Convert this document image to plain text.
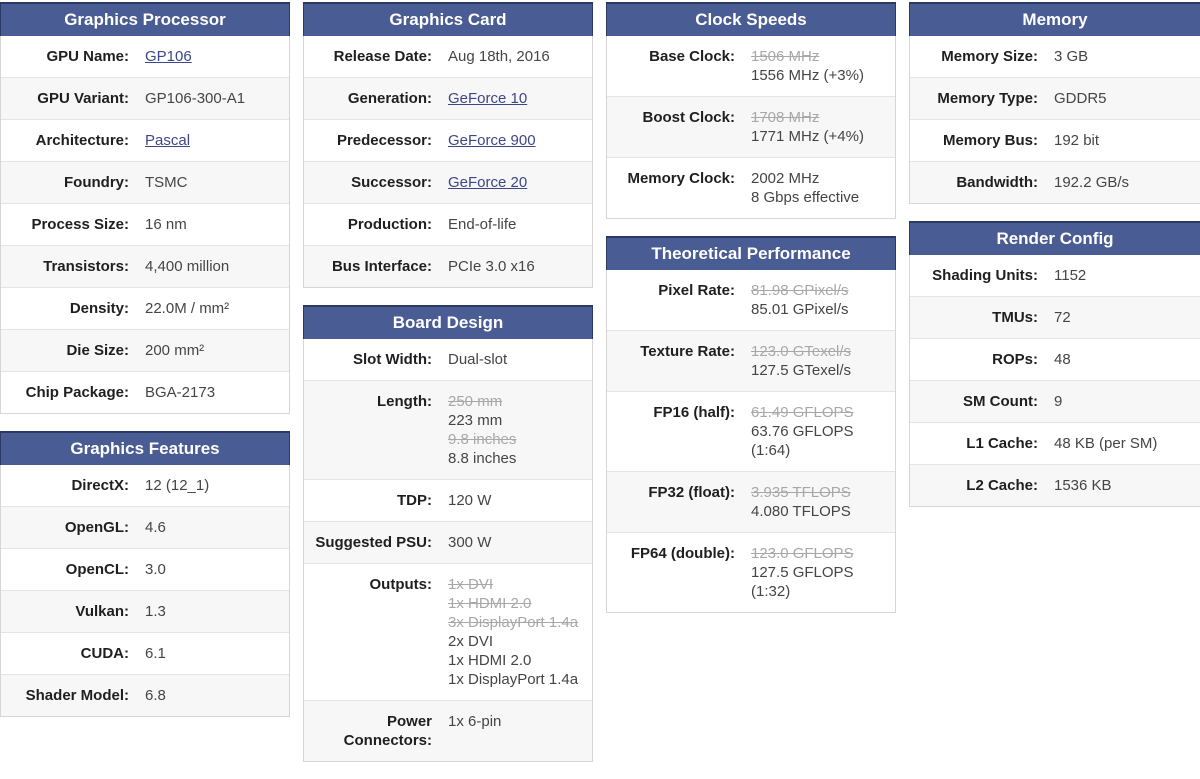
Graphics Processor
GPU Name:	GP106
GPU Variant: GP106-300-A1
Architecture:	Pascal
Foundry: TSMC
Process Size: 16 nm
Transistors: 4,400 million
Density: 22.0M / mm²
Die Size: 200 mm²
Chip Package: BGA-2173
Graphics Features
DirectX: 12 (12_1)
OpenGL: 4.6
OpenCL: 3.0
Vulkan: 1.3
CUDA: 6.1
Shader Model: 6.8
Graphics Card
Release Date: Aug 18th, 2016
Generation:	GeForce 10
Predecessor:	GeForce 900
Successor:	GeForce 20
Production: End-of-life
Bus Interface: PCIe 3.0 x16
Board Design
Slot Width: Dual-slot
Length: 250 mm
223 mm
9.8 inches
8.8 inches
TDP: 120 W
Suggested PSU: 300 W
Outputs: 1x DVI
1x HDMI 2.0
3x DisplayPort 1.4a
2x DVI
1x HDMI 2.0
1x DisplayPort 1.4a
Power Connectors:
1x 6-pin
Clock Speeds
Base Clock: 1506 MHz
1556 MHz (+3%)
Boost Clock: 1708 MHz
1771 MHz (+4%)
Memory Clock: 2002 MHz
8 Gbps effective
Theoretical Performance
Pixel Rate: 81.98 GPixel/s
85.01 GPixel/s
Texture Rate: 123.0 GTexel/s
127.5 GTexel/s
FP16 (half): 61.49 GFLOPS
63.76 GFLOPS (1:64)
FP32 (float): 3.935 TFLOPS
4.080 TFLOPS
FP64 (double): 123.0 GFLOPS
127.5 GFLOPS (1:32)
Memory
Memory Size: 3 GB
Memory Type: GDDR5
Memory Bus: 192 bit
Bandwidth: 192.2 GB/s
Render Config
Shading Units: 1152
TMUs: 72
ROPs: 48
SM Count: 9
L1 Cache: 48 KB (per SM)
L2 Cache: 1536 KB
